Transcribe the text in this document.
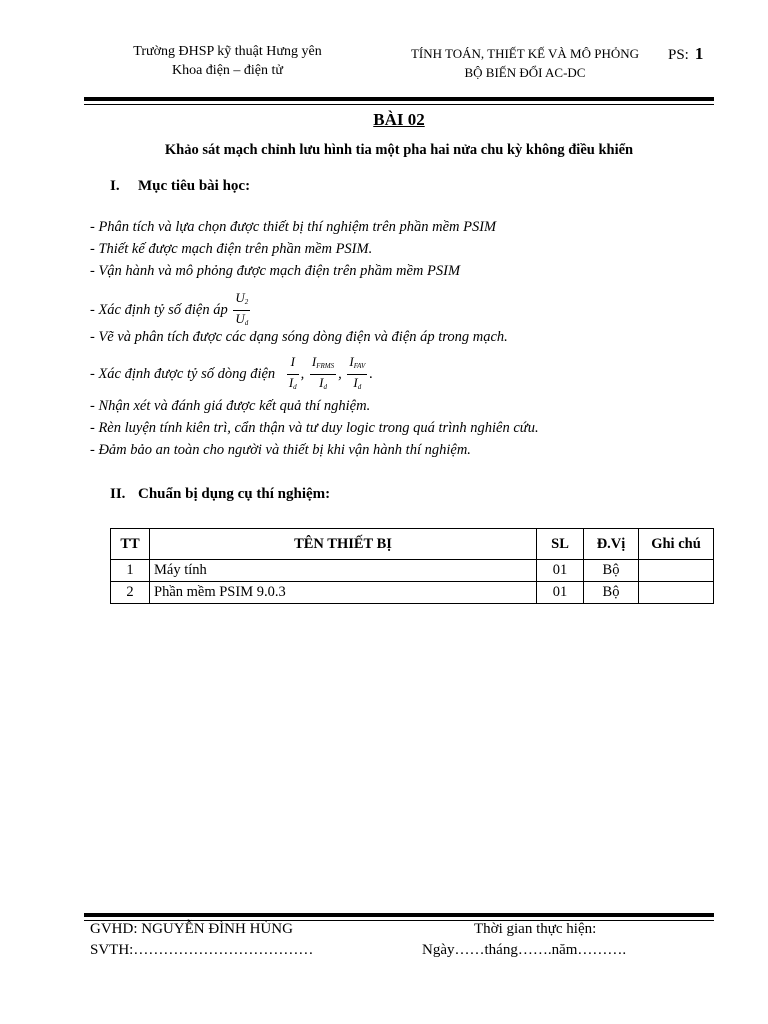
Trường ĐHSP kỹ thuật Hưng yên
Khoa điện – điện tử
TÍNH TOÁN, THIẾT KẾ VÀ MÔ PHỎNG
BỘ BIẾN ĐỔI AC-DC
PS: 1
BÀI 02
Khảo sát mạch chỉnh lưu hình tia một pha hai nửa chu kỳ không điều khiển
I. Mục tiêu bài học:
- Phân tích và lựa chọn được thiết bị thí nghiệm trên phần mềm PSIM
- Thiết kế được mạch điện trên phần mềm PSIM.
- Vận hành và mô phỏng được mạch điện trên phầm mềm PSIM
- Xác định tỷ số điện áp $\frac{U_2}{U_d}$
- Vẽ và phân tích được các dạng sóng dòng điện và điện áp trong mạch.
- Xác định được tỷ số dòng điện $\frac{I}{I_d}$ , $\frac{I_{FRMS}}{I_d}$ , $\frac{I_{FAV}}{I_d}$ .
- Nhận xét và đánh giá được kết quả thí nghiệm.
- Rèn luyện tính kiên trì, cẩn thận và tư duy logic trong quá trình nghiên cứu.
- Đảm bảo an toàn cho người và thiết bị khi vận hành thí nghiệm.
II. Chuẩn bị dụng cụ thí nghiệm:
TT	TÊN THIẾT BỊ	SL	Đ.Vị	Ghi chú
1	Máy tính	01	Bộ	
2	Phần mềm PSIM 9.0.3	01	Bộ	
GVHD: NGUYỄN ĐÌNH HÙNG
SVTH:………………………………
Thời gian thực hiện:
Ngày……tháng…….năm……….
